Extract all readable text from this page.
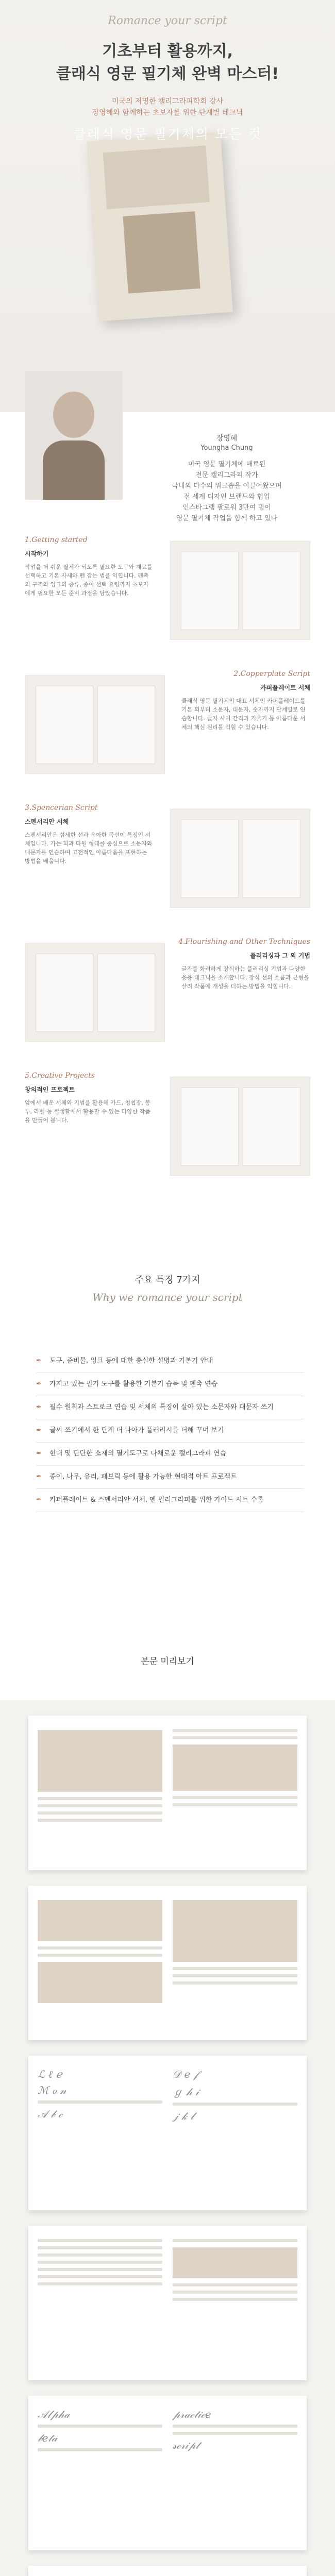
Romance your script
기초부터 활용까지,
클래식 영문 필기체 완벽 마스터!
미국의 저명한 캘리그라피학회 강사
장영혜와 함께하는 초보자를 위한 단계별 테크닉
클래식 영문 필기체의 모든 것

장영혜

Youngha Chung

미국 영문 필기체에 매료된
전문 캘리그라피 작가
국내외 다수의 워크숍을 이끌어왔으며
전 세계 디자인 브랜드와 협업
인스타그램 팔로워 3만여 명이
영문 필기체 작업을 함께 하고 있다

1.Getting started
시작하기
작업을 더 쉬운 필체가 되도록 필요한 도구와 재료를 선택하고 기본 자세와 펜 잡는 법을 익힙니다. 펜촉의 구조와 잉크의 종류, 종이 선택 요령까지 초보자에게 필요한 모든 준비 과정을 담았습니다.
2.Copperplate Script
카퍼플레이트 서체
클래식 영문 필기체의 대표 서체인 카퍼플레이트를 기본 획부터 소문자, 대문자, 숫자까지 단계별로 연습합니다. 글자 사이 간격과 기울기 등 아름다운 서체의 핵심 원리를 익힐 수 있습니다.
3.Spencerian Script
스펜서리안 서체
스펜서리안은 섬세한 선과 우아한 곡선이 특징인 서체입니다. 가는 획과 타원 형태를 중심으로 소문자와 대문자를 연습하며 고전적인 아름다움을 표현하는 방법을 배웁니다.
4.Flourishing and Other Techniques
플러리싱과 그 외 기법
글자를 화려하게 장식하는 플러리싱 기법과 다양한 응용 테크닉을 소개합니다. 장식 선의 흐름과 균형을 살려 작품에 개성을 더하는 방법을 익힙니다.
5.Creative Projects
창의적인 프로젝트
앞에서 배운 서체와 기법을 활용해 카드, 청첩장, 봉투, 라벨 등 실생활에서 활용할 수 있는 다양한 작품을 만들어 봅니다.

주요 특징 7가지

Why we romance your script

✒	도구, 준비물, 잉크 등에 대한 충실한 설명과 기본기 안내
✒	가지고 있는 필기 도구를 활용한 기본기 습득 및 펜촉 연습
✒	필수 원칙과 스트로크 연습 및 서체의 특징이 살아 있는 소문자와 대문자 쓰기
✒	글씨 쓰기에서 한 단계 더 나아가 플러리시를 더해 꾸며 보기
✒	현대 및 단단한 소재의 필기도구로 다채로운 캘리그라피 연습
✒	종이, 나무, 유리, 패브릭 등에 활용 가능한 현대적 아트 프로젝트
✒	카퍼플레이트 & 스펜서리안 서체, 펜 필러그라피를 위한 가이드 시트 수록
본문 미리보기
ℒ ℓ ℯ
ℳ ℴ 𝓃
𝒜 𝒷 𝒸
𝒟 𝑒 𝒻
ℊ 𝒽 𝒾
𝒿 𝓀 𝓁
𝒜𝓁𝓅𝒽𝒶
𝒷𝑒𝓉𝒶
𝓅𝓇𝒶𝒸𝓉𝒾𝒸𝑒
𝓈𝒸𝓇𝒾𝓅𝓉
